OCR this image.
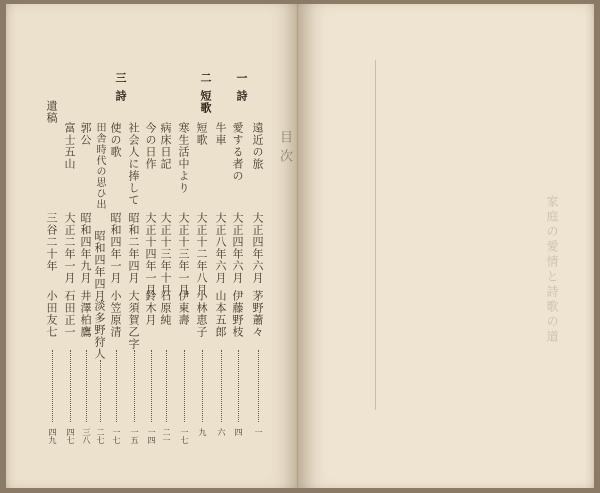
目次
一
詩
二
短歌
三
詩
遠近の旅
大正四年六月
茅野蕭々
一
愛する者の
大正四年六月
伊藤野枝
四
牛車
大正八年六月
山本五郎
六
短歌
大正十二年八月
小林恵子
九
寒生活中より
大正十三年一月
伊東壽
一七
病床日記
大正十三年十月
石原純
二一
今の日作
大正十四年一月
鈴木月
一四
社会人に捧して
昭和二年四月
大須賀乙字
一五
使の歌
昭和四年一月
小笠原清
一七
田舎時代の思ひ出
昭和四年四月
淡多野狩人
二七
郭公
昭和四年九月
井澤柏鷹
三八
富士五山
大正二年一月
石田正一
四七
遺稿
三谷二十年
小田友七
四九
家庭の愛情と詩歌の道
